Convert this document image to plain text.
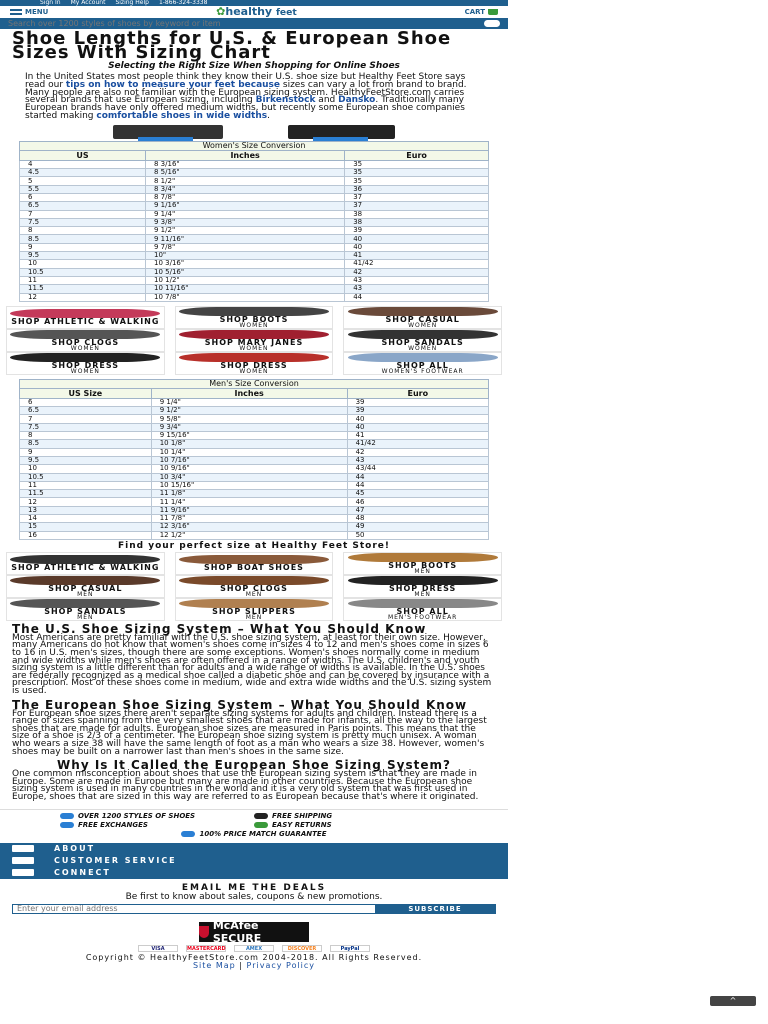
Sign In My Account Sizing Help 1-866-324-3338
MENU	✿healthy feet	CART
Search over 1200 styles of shoes by keyword or item
Shoe Lengths for U.S. & European Shoe Sizes With Sizing Chart
Selecting the Right Size When Shopping for Online Shoes
In the United States most people think they know their U.S. shoe size but Healthy Feet Store says read our tips on how to measure your feet because sizes can vary a lot from brand to brand. Many people are also not familiar with the European sizing system. HealthyFeetStore.com carries several brands that use European sizing, including Birkenstock and Dansko. Traditionally many European brands have only offered medium widths, but recently some European shoe companies started making comfortable shoes in wide widths.
Women's Size Conversion
US	Inches	Euro
4	8 3/16"	35
4.5	8 5/16"	35
5	8 1/2"	35
5.5	8 3/4"	36
6	8 7/8"	37
6.5	9 1/16"	37
7	9 1/4"	38
7.5	9 3/8"	38
8	9 1/2"	39
8.5	9 11/16"	40
9	9 7/8"	40
9.5	10"	41
10	10 3/16"	41/42
10.5	10 5/16"	42
11	10 1/2"	43
11.5	10 11/16"	43
12	10 7/8"	44
SHOP ATHLETIC & WALKING	SHOP BOOTS
WOMEN
SHOP CASUAL
WOMEN
SHOP CLOGS
WOMEN
SHOP MARY JANES
WOMEN
SHOP SANDALS
WOMEN
SHOP DRESS
WOMEN
SHOP DRESS
WOMEN
SHOP ALL
WOMEN'S FOOTWEAR
Men's Size Conversion
US Size	Inches	Euro
6	9 1/4"	39
6.5	9 1/2"	39
7	9 5/8"	40
7.5	9 3/4"	40
8	9 15/16"	41
8.5	10 1/8"	41/42
9	10 1/4"	42
9.5	10 7/16"	43
10	10 9/16"	43/44
10.5	10 3/4"	44
11	10 15/16"	44
11.5	11 1/8"	45
12	11 1/4"	46
13	11 9/16"	47
14	11 7/8"	48
15	12 3/16"	49
16	12 1/2"	50
Find your perfect size at Healthy Feet Store!
SHOP ATHLETIC & WALKING	SHOP BOAT SHOES	SHOP BOOTS
MEN
SHOP CASUAL
MEN
SHOP CLOGS
MEN
SHOP DRESS
MEN
SHOP SANDALS
MEN
SHOP SLIPPERS
MEN
SHOP ALL
MEN'S FOOTWEAR
The U.S. Shoe Sizing System – What You Should Know

Most Americans are pretty familiar with the U.S. shoe sizing system, at least for their own size. However, many Americans do not know that women's shoes come in sizes 4 to 12 and men's shoes come in sizes 6 to 16 in U.S. men's sizes, though there are some exceptions. Women's shoes normally come in medium and wide widths while men's shoes are often offered in a range of widths. The U.S. children's and youth sizing system is a little different than for adults and a wide range of widths is available. In the U.S. shoes are federally recognized as a medical shoe called a diabetic shoe and can be covered by insurance with a prescription. Most of these shoes come in medium, wide and extra wide widths and the U.S. sizing system is used.

The European Shoe Sizing System – What You Should Know

For European shoe sizes there aren't separate sizing systems for adults and children. Instead there is a range of sizes spanning from the very smallest shoes that are made for infants, all the way to the largest shoes that are made for adults. European shoe sizes are measured in Paris points. This means that the size of a shoe is 2/3 of a centimeter. The European shoe sizing system is pretty much unisex. A woman who wears a size 38 will have the same length of foot as a man who wears a size 38. However, women's shoes may be built on a narrower last than men's shoes in the same size.

Why Is It Called the European Shoe Sizing System?

One common misconception about shoes that use the European sizing system is that they are made in Europe. Some are made in Europe but many are made in other countries. Because the European shoe sizing system is used in many countries in the world and it is a very old system that was first used in Europe, shoes that are sized in this way are referred to as European because that's where it originated.

OVER 1200 STYLES OF SHOES	FREE SHIPPING
FREE EXCHANGES	EASY RETURNS
100% PRICE MATCH GUARANTEE
ABOUT
CUSTOMER SERVICE
CONNECT
EMAIL ME THE DEALS
Be first to know about sales, coupons & new promotions.
Enter your email address
SUBSCRIBE
McAfee SECURE
VISA	MASTERCARD	AMEX	DISCOVER	PayPal
Copyright © HealthyFeetStore.com 2004-2018. All Rights Reserved.
Site Map | Privacy Policy
^
